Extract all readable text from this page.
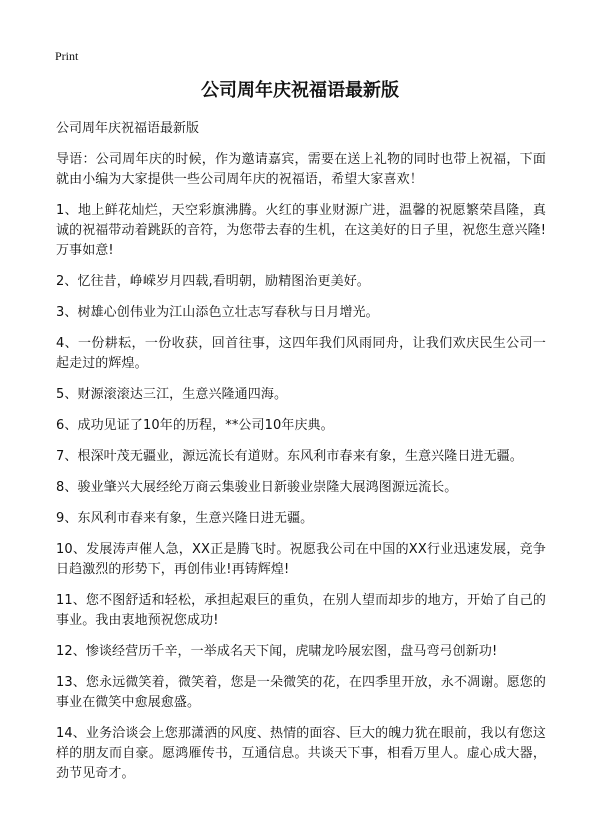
Print
公司周年庆祝福语最新版

公司周年庆祝福语最新版

导语：公司周年庆的时候，作为邀请嘉宾，需要在送上礼物的同时也带上祝福，下面就由小编为大家提供一些公司周年庆的祝福语，希望大家喜欢！

1、地上鲜花灿烂，天空彩旗沸腾。火红的事业财源广进，温馨的祝愿繁荣昌隆，真诚的祝福带动着跳跃的音符，为您带去春的生机，在这美好的日子里，祝您生意兴隆!万事如意!

2、忆往昔，峥嵘岁月四载,看明朝，励精图治更美好。

3、树雄心创伟业为江山添色立壮志写春秋与日月增光。

4、一份耕耘，一份收获，回首往事，这四年我们风雨同舟，让我们欢庆民生公司一起走过的辉煌。

5、财源滚滚达三江，生意兴隆通四海。

6、成功见证了10年的历程，**公司10年庆典。

7、根深叶茂无疆业，源远流长有道财。东风利市春来有象，生意兴隆日进无疆。

8、骏业肇兴大展经纶万商云集骏业日新骏业崇隆大展鸿图源远流长。

9、东风利市春来有象，生意兴隆日进无疆。

10、发展涛声催人急，XX正是腾飞时。祝愿我公司在中国的XX行业迅速发展，竞争日趋激烈的形势下，再创伟业!再铸辉煌!

11、您不图舒适和轻松，承担起艰巨的重负，在别人望而却步的地方，开始了自己的事业。我由衷地预祝您成功!

12、惨谈经营历千辛，一举成名天下闻，虎啸龙吟展宏图，盘马弯弓创新功!

13、您永远微笑着，微笑着，您是一朵微笑的花，在四季里开放，永不凋谢。愿您的事业在微笑中愈展愈盛。

14、业务洽谈会上您那潇洒的风度、热情的面容、巨大的魄力犹在眼前，我以有您这样的朋友而自豪。愿鸿雁传书，互通信息。共谈天下事，相看万里人。虚心成大器，劲节见奇才。
